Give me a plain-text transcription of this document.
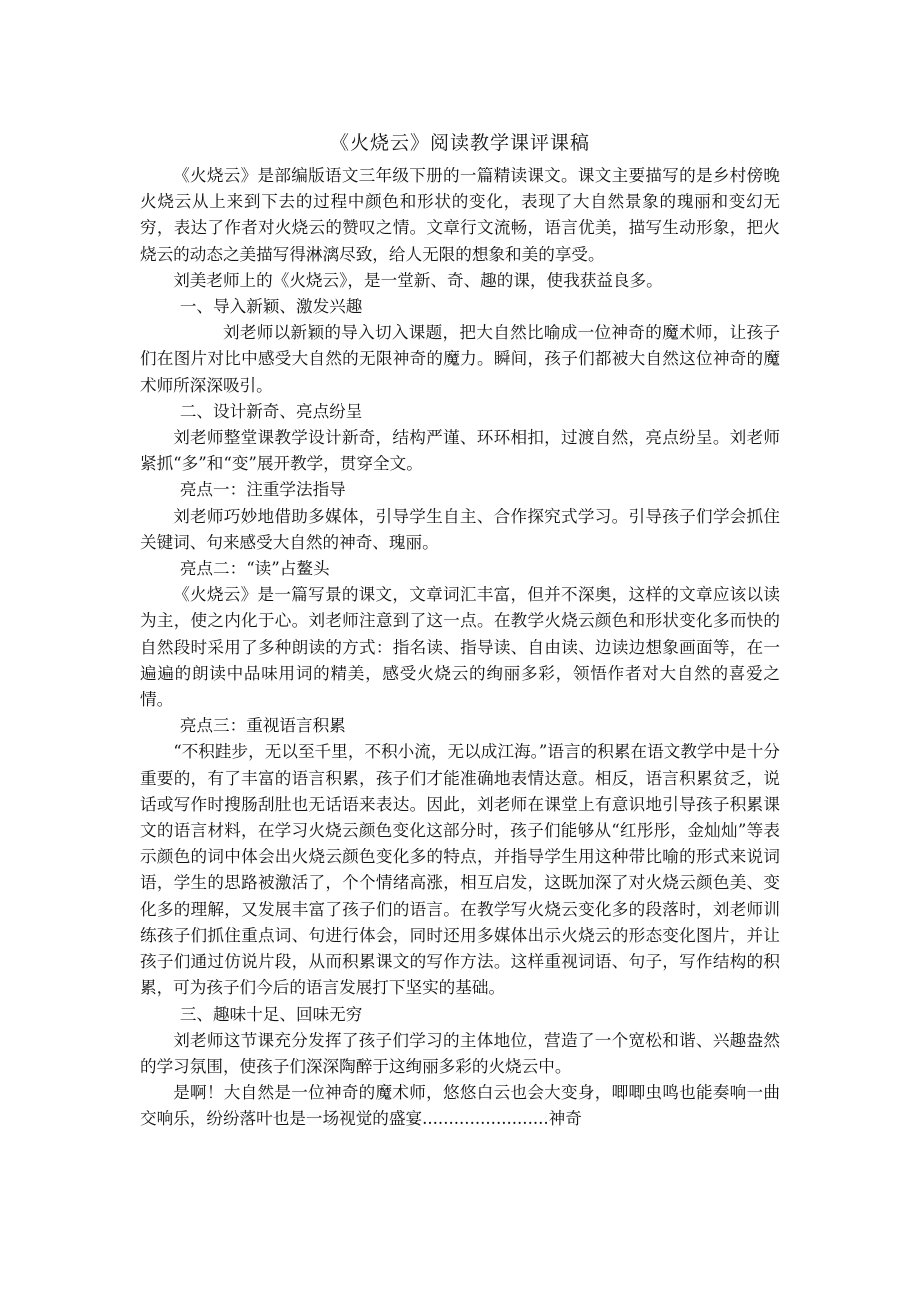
《火烧云》阅读教学课评课稿

《火烧云》是部编版语文三年级下册的一篇精读课文。课文主要描写的是乡村傍晚火烧云从上来到下去的过程中颜色和形状的变化，表现了大自然景象的瑰丽和变幻无穷，表达了作者对火烧云的赞叹之情。文章行文流畅，语言优美，描写生动形象，把火烧云的动态之美描写得淋漓尽致，给人无限的想象和美的享受。

刘美老师上的《火烧云》，是一堂新、奇、趣的课，使我获益良多。

一、导入新颖、激发兴趣

刘老师以新颖的导入切入课题，把大自然比喻成一位神奇的魔术师，让孩子们在图片对比中感受大自然的无限神奇的魔力。瞬间，孩子们都被大自然这位神奇的魔术师所深深吸引。

二、设计新奇、亮点纷呈

刘老师整堂课教学设计新奇，结构严谨、环环相扣，过渡自然，亮点纷呈。刘老师紧抓“多”和“变”展开教学，贯穿全文。

亮点一：注重学法指导

刘老师巧妙地借助多媒体，引导学生自主、合作探究式学习。引导孩子们学会抓住关键词、句来感受大自然的神奇、瑰丽。

亮点二：“读”占鳌头

《火烧云》是一篇写景的课文，文章词汇丰富，但并不深奥，这样的文章应该以读为主，使之内化于心。刘老师注意到了这一点。在教学火烧云颜色和形状变化多而快的自然段时采用了多种朗读的方式：指名读、指导读、自由读、边读边想象画面等，在一遍遍的朗读中品味用词的精美，感受火烧云的绚丽多彩，领悟作者对大自然的喜爱之情。

亮点三：重视语言积累

“不积跬步，无以至千里，不积小流，无以成江海。”语言的积累在语文教学中是十分重要的，有了丰富的语言积累，孩子们才能准确地表情达意。相反，语言积累贫乏，说话或写作时搜肠刮肚也无话语来表达。因此，刘老师在课堂上有意识地引导孩子积累课文的语言材料，在学习火烧云颜色变化这部分时，孩子们能够从“红彤彤，金灿灿”等表示颜色的词中体会出火烧云颜色变化多的特点，并指导学生用这种带比喻的形式来说词语，学生的思路被激活了，个个情绪高涨，相互启发，这既加深了对火烧云颜色美、变化多的理解，又发展丰富了孩子们的语言。在教学写火烧云变化多的段落时，刘老师训练孩子们抓住重点词、句进行体会，同时还用多媒体出示火烧云的形态变化图片，并让孩子们通过仿说片段，从而积累课文的写作方法。这样重视词语、句子，写作结构的积累，可为孩子们今后的语言发展打下坚实的基础。

三、趣味十足、回味无穷

刘老师这节课充分发挥了孩子们学习的主体地位，营造了一个宽松和谐、兴趣盎然的学习氛围，使孩子们深深陶醉于这绚丽多彩的火烧云中。

是啊！大自然是一位神奇的魔术师，悠悠白云也会大变身，唧唧虫鸣也能奏响一曲交响乐，纷纷落叶也是一场视觉的盛宴........................神奇
